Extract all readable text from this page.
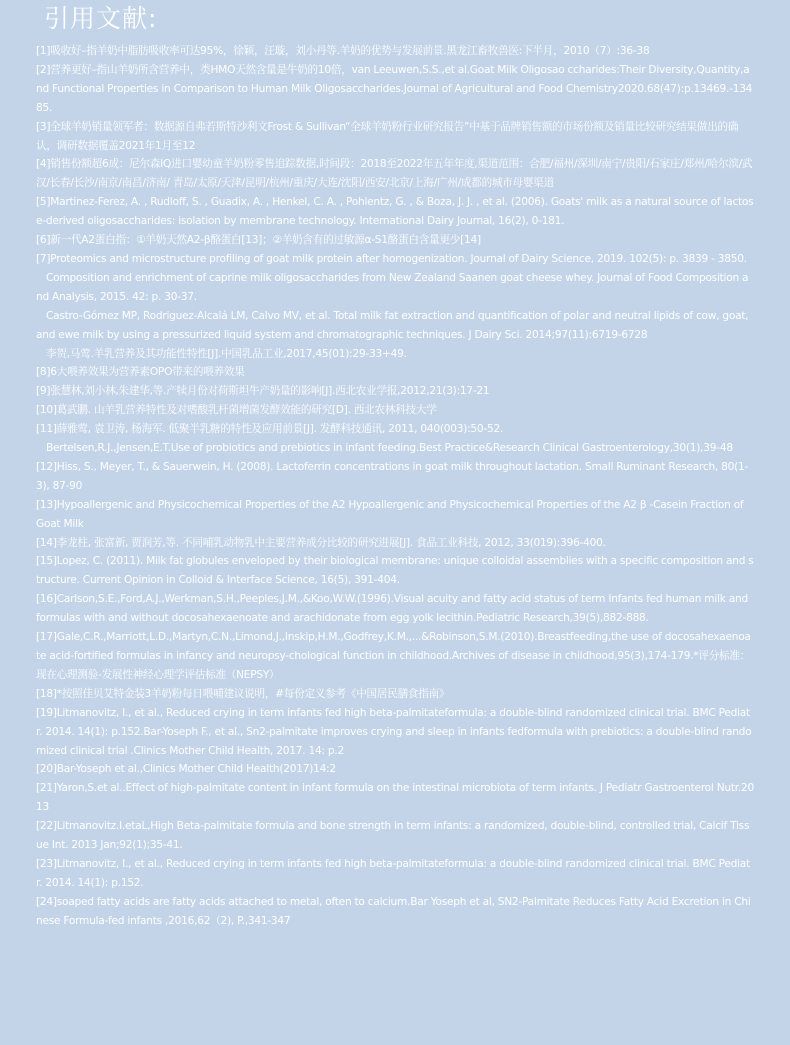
引用文献:

[1]吸收好–指羊奶中脂肪吸收率可达95%，徐颖，汪璇，刘小丹等.羊奶的优势与发展前景.黑龙江畜牧兽医:下半月，2010（7）:36-38

[2]营养更好–指山羊奶所含营养中，类HMO天然含量是牛奶的10倍，van Leeuwen,S.S.,et al.Goat Milk Oligosao ccharides:Their Diversity,Quantity,and Functional Properties in Comparison to Human Milk Oligosaccharides.Journal of Agricultural and Food Chemistry2020.68(47):p.13469.-13485.

[3]全球羊奶销量领军者：数据源自弗若斯特沙利文Frost & Sullivan“全球羊奶粉行业研究报告”中基于品牌销售额的市场份额及销量比较研究结果做出的确认，调研数据覆盖2021年1月至12

[4]销售份额超6成：尼尔森IQ进口婴幼童羊奶粉零售追踪数据,时间段：2018至2022年五年年度,渠道范围：合肥/福州/深圳/南宁/贵阳/石家庄/郑州/哈尔滨/武汉/长春/长沙/南京/南昌/济南/ 青岛/太原/天津/昆明/杭州/重庆/大连/沈阳/西安/北京/上海/广州/成都的城市母婴渠道

[5]Martinez-Ferez, A. , Rudloff, S. , Guadix, A. , Henkel, C. A. , Pohlentz, G. , & Boza, J. J. , et al. (2006). Goats' milk as a natural source of lactose-derived oligosaccharides: isolation by membrane technology. International Dairy Journal, 16(2), 0-181.

[6]新一代A2蛋白指：①羊奶天然A2-β酪蛋白[13]；②羊奶含有的过敏源α-S1酪蛋白含量更少[14]

[7]Proteomics and microstructure profiling of goat milk protein after homogenization. Journal of Dairy Science, 2019. 102(5): p. 3839 - 3850.

Composition and enrichment of caprine milk oligosaccharides from New Zealand Saanen goat cheese whey. Journal of Food Composition and Analysis, 2015. 42: p. 30-37.

Castro-Gómez MP, Rodriguez-Alcalá LM, Calvo MV, et al. Total milk fat extraction and quantification of polar and neutral lipids of cow, goat, and ewe milk by using a pressurized liquid system and chromatographic techniques. J Dairy Sci. 2014;97(11):6719-6728

李贺,马莺.羊乳营养及其功能性特性[J].中国乳品工业,2017,45(01):29-33+49.

[8]6大喂养效果为营养素OPO带来的喂养效果

[9]张慧林,刘小林,朱建华,等.产犊月份对荷斯坦牛产奶量的影响[J].西北农业学报,2012,21(3):17-21

[10]葛武鹏. 山羊乳营养特性及对嗜酸乳杆菌增菌发酵效能的研究[D]. 西北农林科技大学

[11]薛雅莺, 袁卫涛, 杨海军. 低聚半乳糖的特性及应用前景[J]. 发酵科技通讯, 2011, 040(003):50-52.

Bertelsen,R.J.,Jensen,E.T.Use of probiotics and prebiotics in infant feeding.Best Practice&Research Clinical Gastroenterology,30(1),39-48

[12]Hiss, S., Meyer, T., & Sauerwein, H. (2008). Lactoferrin concentrations in goat milk throughout lactation. Small Ruminant Research, 80(1-3), 87-90

[13]Hypoallergenic and Physicochemical Properties of the A2 Hypoallergenic and Physicochemical Properties of the A2 β -Casein Fraction of Goat Milk

[14]李龙柱, 张富新, 贾润芳,等. 不同哺乳动物乳中主要营养成分比较的研究进展[J]. 食品工业科技, 2012, 33(019):396-400.

[15]Lopez, C. (2011). Milk fat globules enveloped by their biological membrane: unique colloidal assemblies with a specific composition and structure. Current Opinion in Colloid & Interface Science, 16(5), 391-404.

[16]Carlson,S.E.,Ford,A.J.,Werkman,S.H.,Peeples,J.M.,&Koo,W.W.(1996).Visual acuity and fatty acid status of term Infants fed human milk and formulas with and without docosahexaenoate and arachidonate from egg yolk lecithin.Pediatric Research,39(5),882-888.

[17]Gale,C.R.,Marriott,L.D.,Martyn,C.N.,Limond,J.,Inskip,H.M.,Godfrey,K.M.,...&Robinson,S.M.(2010).Breastfeeding,the use of docosahexaenoate acid-fortified formulas in infancy and neuropsy-chological function in childhood.Archives of disease in childhood,95(3),174-179.*评分标准：现在心理测验-发展性神经心理学评估标准（NEPSY）

[18]*按照佳贝艾特金装3羊奶粉每日喂哺建议说明，#每份定义参考《中国居民膳食指南》

[19]Litmanovitz, I., et al., Reduced crying in term infants fed high beta-palmitateformula: a double-blind randomized clinical trial. BMC Pediatr. 2014. 14(1): p.152.Bar-Yoseph F., et al., Sn2-palmitate improves crying and sleep in infants fedformula with prebiotics: a double-blind randomized clinical trial .Clinics Mother Child Health, 2017. 14: p.2

[20]Bar-Yoseph et al.,Clinics Mother Child Health(2017)14:2

[21]Yaron,S.et al..Effect of high-palmitate content in infant formula on the intestinal microbiota of term infants. J Pediatr Gastroenterol Nutr.2013

[22]Litmanovitz.I.etaL,High Beta-palmitate formula and bone strength in term infants: a randomized, double-blind, controlled trial, Calcif Tissue Int. 2013 Jan;92(1);35-41.

[23]Litmanovitz, I., et al., Reduced crying in term infants fed high beta-palmitateformula: a double-blind randomized clinical trial. BMC Pediatr. 2014. 14(1): p.152.

[24]soaped fatty acids are fatty acids attached to metal, often to calcium.Bar Yoseph et al, SN2-Palmitate Reduces Fatty Acid Excretion in Chinese Formula-fed infants ,2016,62（2), P.,341-347
